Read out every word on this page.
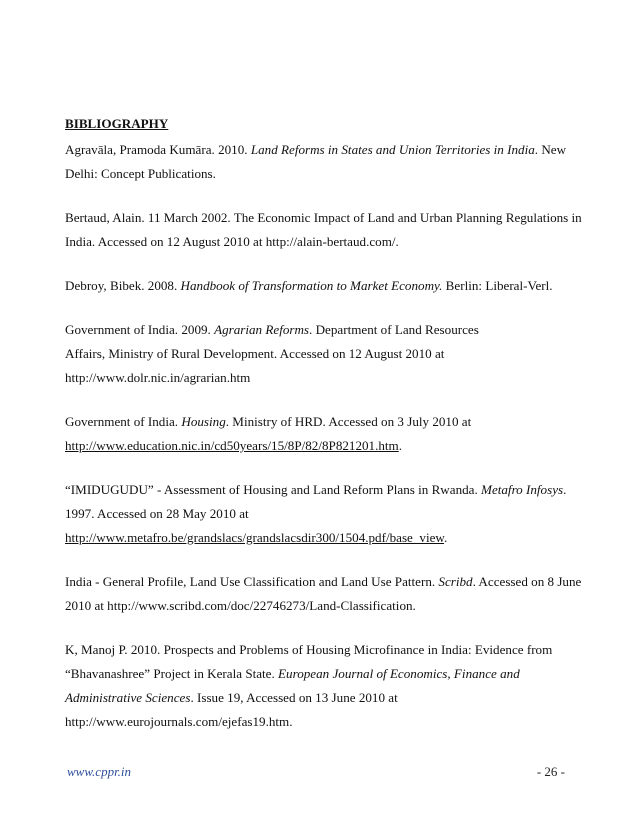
BIBLIOGRAPHY
Agravāla, Pramoda Kumāra. 2010. Land Reforms in States and Union Territories in India. New
Delhi: Concept Publications.
Bertaud, Alain. 11 March 2002. The Economic Impact of Land and Urban Planning Regulations in
India. Accessed on 12 August 2010 at http://alain-bertaud.com/.
Debroy, Bibek. 2008. Handbook of Transformation to Market Economy. Berlin: Liberal-Verl.
Government of India. 2009. Agrarian Reforms. Department of Land Resources
Affairs, Ministry of Rural Development. Accessed on 12 August 2010 at
http://www.dolr.nic.in/agrarian.htm
Government of India. Housing. Ministry of HRD. Accessed on 3 July 2010 at
http://www.education.nic.in/cd50years/15/8P/82/8P821201.htm.
“IMIDUGUDU” - Assessment of Housing and Land Reform Plans in Rwanda. Metafro Infosys.
1997. Accessed on 28 May 2010 at
http://www.metafro.be/grandslacs/grandslacsdir300/1504.pdf/base_view.
India - General Profile, Land Use Classification and Land Use Pattern. Scribd. Accessed on 8 June
2010 at http://www.scribd.com/doc/22746273/Land-Classification.
K, Manoj P. 2010. Prospects and Problems of Housing Microfinance in India: Evidence from
“Bhavanashree” Project in Kerala State. European Journal of Economics, Finance and
Administrative Sciences. Issue 19, Accessed on 13 June 2010 at
http://www.eurojournals.com/ejefas19.htm.
www.cppr.in	- 26 -
